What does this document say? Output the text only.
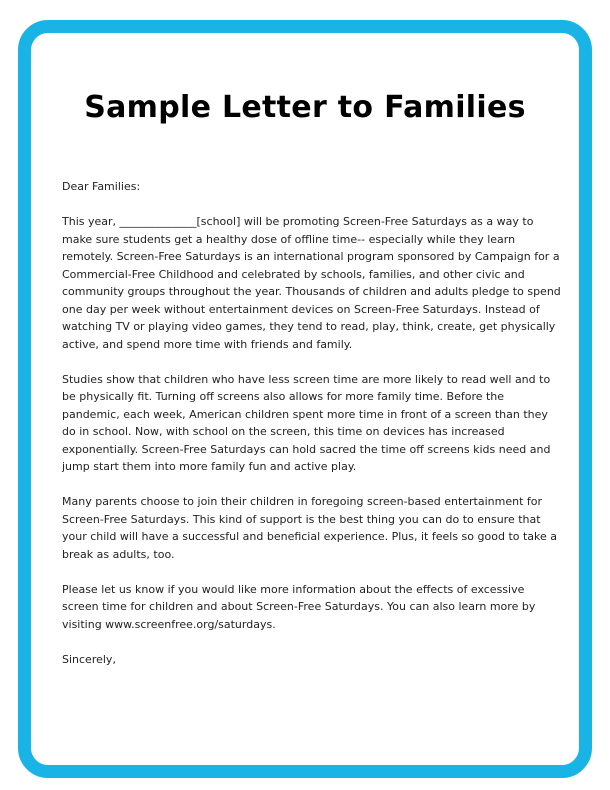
Sample Letter to Families

Dear Families:

This year, ______________[school] will be promoting Screen-Free Saturdays as a way to make sure students get a healthy dose of offline time-- especially while they learn remotely. Screen-Free Saturdays is an international program sponsored by Campaign for a Commercial-Free Childhood and celebrated by schools, families, and other civic and community groups throughout the year. Thousands of children and adults pledge to spend one day per week without entertainment devices on Screen-Free Saturdays. Instead of watching TV or playing video games, they tend to read, play, think, create, get physically active, and spend more time with friends and family.

Studies show that children who have less screen time are more likely to read well and to be physically fit. Turning off screens also allows for more family time. Before the pandemic, each week, American children spent more time in front of a screen than they do in school. Now, with school on the screen, this time on devices has increased exponentially. Screen-Free Saturdays can hold sacred the time off screens kids need and jump start them into more family fun and active play.

Many parents choose to join their children in foregoing screen-based entertainment for Screen-Free Saturdays. This kind of support is the best thing you can do to ensure that your child will have a successful and beneficial experience. Plus, it feels so good to take a break as adults, too.

Please let us know if you would like more information about the effects of excessive screen time for children and about Screen-Free Saturdays. You can also learn more by visiting www.screenfree.org/saturdays.

Sincerely,
